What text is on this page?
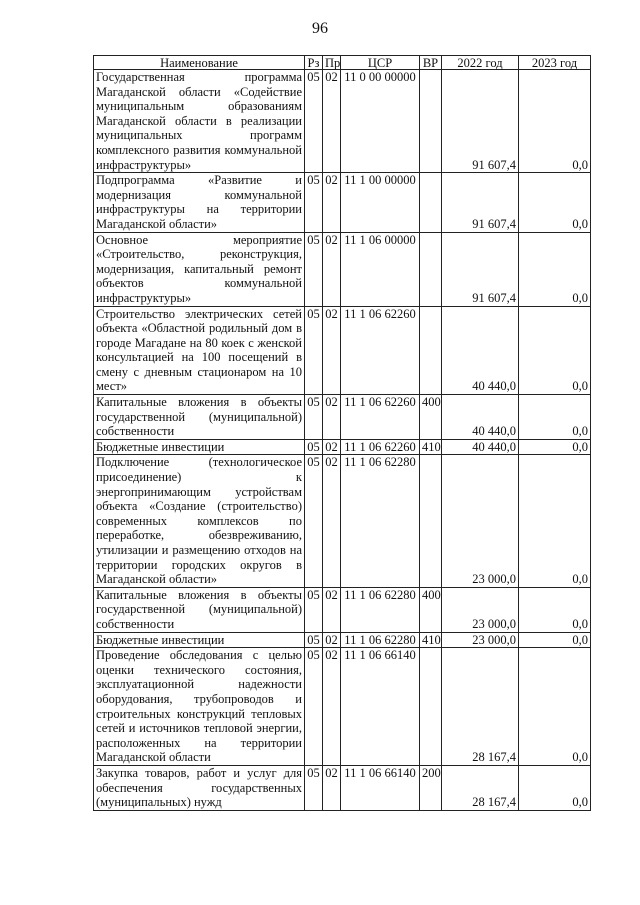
96
Наименование	Рз	Пр	ЦСР	ВР	2022 год	2023 год
Государственная программа Магаданской области «Содействие муниципальным образованиям Магаданской области в реализации муниципальных программ комплексного развития коммунальной инфраструктуры»	05	02	11 0 00 00000		91 607,4	0,0
Подпрограмма «Развитие и модернизация коммунальной инфраструктуры на территории Магаданской области»	05	02	11 1 00 00000		91 607,4	0,0
Основное мероприятие «Строительство, реконструкция, модернизация, капитальный ремонт объектов коммунальной инфраструктуры»	05	02	11 1 06 00000		91 607,4	0,0
Строительство электрических сетей объекта «Областной родильный дом в городе Магадане на 80 коек с женской консультацией на 100 посещений в смену с дневным стационаром на 10 мест»	05	02	11 1 06 62260		40 440,0	0,0
Капитальные вложения в объекты государственной (муниципальной) собственности	05	02	11 1 06 62260	400	40 440,0	0,0
Бюджетные инвестиции	05	02	11 1 06 62260	410	40 440,0	0,0
Подключение (технологическое присоединение) к энергопринимающим устройствам объекта «Создание (строительство) современных комплексов по переработке, обезвреживанию, утилизации и размещению отходов на территории городских округов в Магаданской области»	05	02	11 1 06 62280		23 000,0	0,0
Капитальные вложения в объекты государственной (муниципальной) собственности	05	02	11 1 06 62280	400	23 000,0	0,0
Бюджетные инвестиции	05	02	11 1 06 62280	410	23 000,0	0,0
Проведение обследования с целью оценки технического состояния, эксплуатационной надежности оборудования, трубопроводов и строительных конструкций тепловых сетей и источников тепловой энергии, расположенных на территории Магаданской области	05	02	11 1 06 66140		28 167,4	0,0
Закупка товаров, работ и услуг для обеспечения государственных (муниципальных) нужд	05	02	11 1 06 66140	200	28 167,4	0,0
